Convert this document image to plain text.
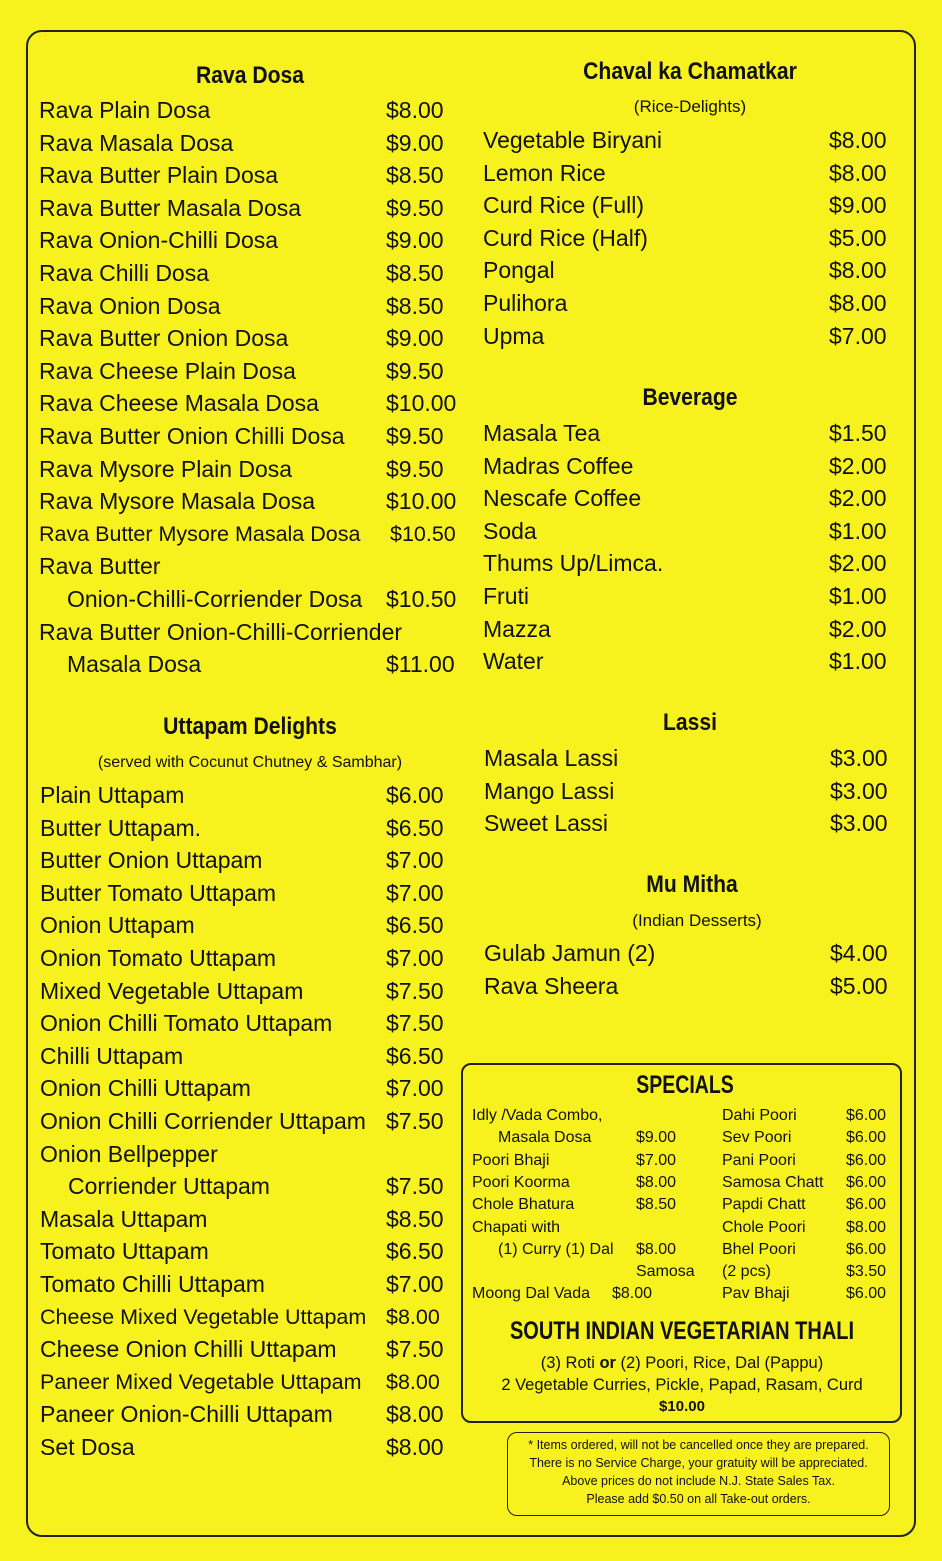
Rava Dosa
Rava Plain Dosa	$8.00
Rava Masala Dosa	$9.00
Rava Butter Plain Dosa	$8.50
Rava Butter Masala Dosa	$9.50
Rava Onion-Chilli Dosa	$9.00
Rava Chilli Dosa	$8.50
Rava Onion Dosa	$8.50
Rava Butter Onion Dosa	$9.00
Rava Cheese Plain Dosa	$9.50
Rava Cheese Masala Dosa	$10.00
Rava Butter Onion Chilli Dosa $9.50
Rava Mysore Plain Dosa	$9.50
Rava Mysore Masala Dosa	$10.00
Rava Butter Mysore Masala Dosa $10.50
Rava Butter
Onion-Chilli-Corriender Dosa $10.50
Rava Butter Onion-Chilli-Corriender
Masala Dosa	$11.00
Uttapam Delights
(served with Cocunut Chutney & Sambhar)
Plain Uttapam	$6.00
Butter Uttapam.	$6.50
Butter Onion Uttapam	$7.00
Butter Tomato Uttapam	$7.00
Onion Uttapam	$6.50
Onion Tomato Uttapam	$7.00
Mixed Vegetable Uttapam	$7.50
Onion Chilli Tomato Uttapam $7.50
Chilli Uttapam	$6.50
Onion Chilli Uttapam	$7.00
Onion Chilli Corriender Uttapam $7.50
Onion Bellpepper
Corriender Uttapam	$7.50
Masala Uttapam	$8.50
Tomato Uttapam	$6.50
Tomato Chilli Uttapam	$7.00
Cheese Mixed Vegetable Uttapam $8.00
Cheese Onion Chilli Uttapam $7.50
Paneer Mixed Vegetable Uttapam $8.00
Paneer Onion-Chilli Uttapam $8.00
Set Dosa	$8.00
Chaval ka Chamatkar
(Rice-Delights)
Vegetable Biryani	$8.00
Lemon Rice	$8.00
Curd Rice (Full)	$9.00
Curd Rice (Half)	$5.00
Pongal	$8.00
Pulihora	$8.00
Upma	$7.00
Beverage
Masala Tea	$1.50
Madras Coffee	$2.00
Nescafe Coffee	$2.00
Soda	$1.00
Thums Up/Limca.	$2.00
Fruti	$1.00
Mazza	$2.00
Water	$1.00
Lassi
Masala Lassi	$3.00
Mango Lassi	$3.00
Sweet Lassi	$3.00
Mu Mitha
(Indian Desserts)
Gulab Jamun (2)	$4.00
Rava Sheera	$5.00
SPECIALS
Idly /Vada Combo,
Masala Dosa	$9.00
Poori Bhaji	$7.00
Poori Koorma	$8.00
Chole Bhatura	$8.50
Chapati with
(1) Curry (1) Dal $8.00
Samosa
Moong Dal Vada $8.00
Dahi Poori	$6.00
Sev Poori	$6.00
Pani Poori	$6.00
Samosa Chatt $6.00
Papdi Chatt	$6.00
Chole Poori	$8.00
Bhel Poori	$6.00
(2 pcs)	$3.50
Pav Bhaji	$6.00
SOUTH INDIAN VEGETARIAN THALI
(3) Roti or (2) Poori, Rice, Dal (Pappu)
2 Vegetable Curries, Pickle, Papad, Rasam, Curd
$10.00
* Items ordered, will not be cancelled once they are prepared.
There is no Service Charge, your gratuity will be appreciated.
Above prices do not include N.J. State Sales Tax.
Please add $0.50 on all Take-out orders.
